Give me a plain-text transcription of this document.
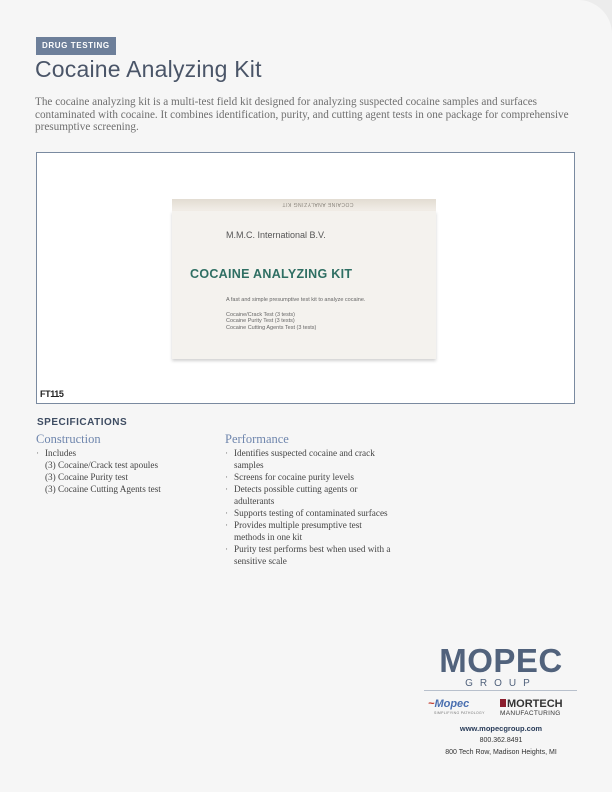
DRUG TESTING
Cocaine Analyzing Kit
The cocaine analyzing kit is a multi-test field kit designed for analyzing suspected cocaine samples and surfaces contaminated with cocaine. It combines identification, purity, and cutting agent tests in one package for comprehensive presumptive screening.
COCAINE ANALYZING KIT
M.M.C. International B.V.
COCAINE ANALYZING KIT
A fast and simple presumptive test kit to analyze cocaine.
Cocaine/Crack Test (3 tests)
Cocaine Purity Test (3 tests)
Cocaine Cutting Agents Test (3 tests)
FT115
SPECIFICATIONS
Construction
· Includes
(3) Cocaine/Crack test apoules
(3) Cocaine Purity test
(3) Cocaine Cutting Agents test
Performance
· Identifies suspected cocaine and crack samples
· Screens for cocaine purity levels
· Detects possible cutting agents or adulterants
· Supports testing of contaminated surfaces
· Provides multiple presumptive test methods in one kit
· Purity test performs best when used with a sensitive scale
MOPEC
GROUP
~Mopec
SIMPLIFYING PATHOLOGY
MORTECH
MANUFACTURING
www.mopecgroup.com
800.362.8491
800 Tech Row, Madison Heights, MI
